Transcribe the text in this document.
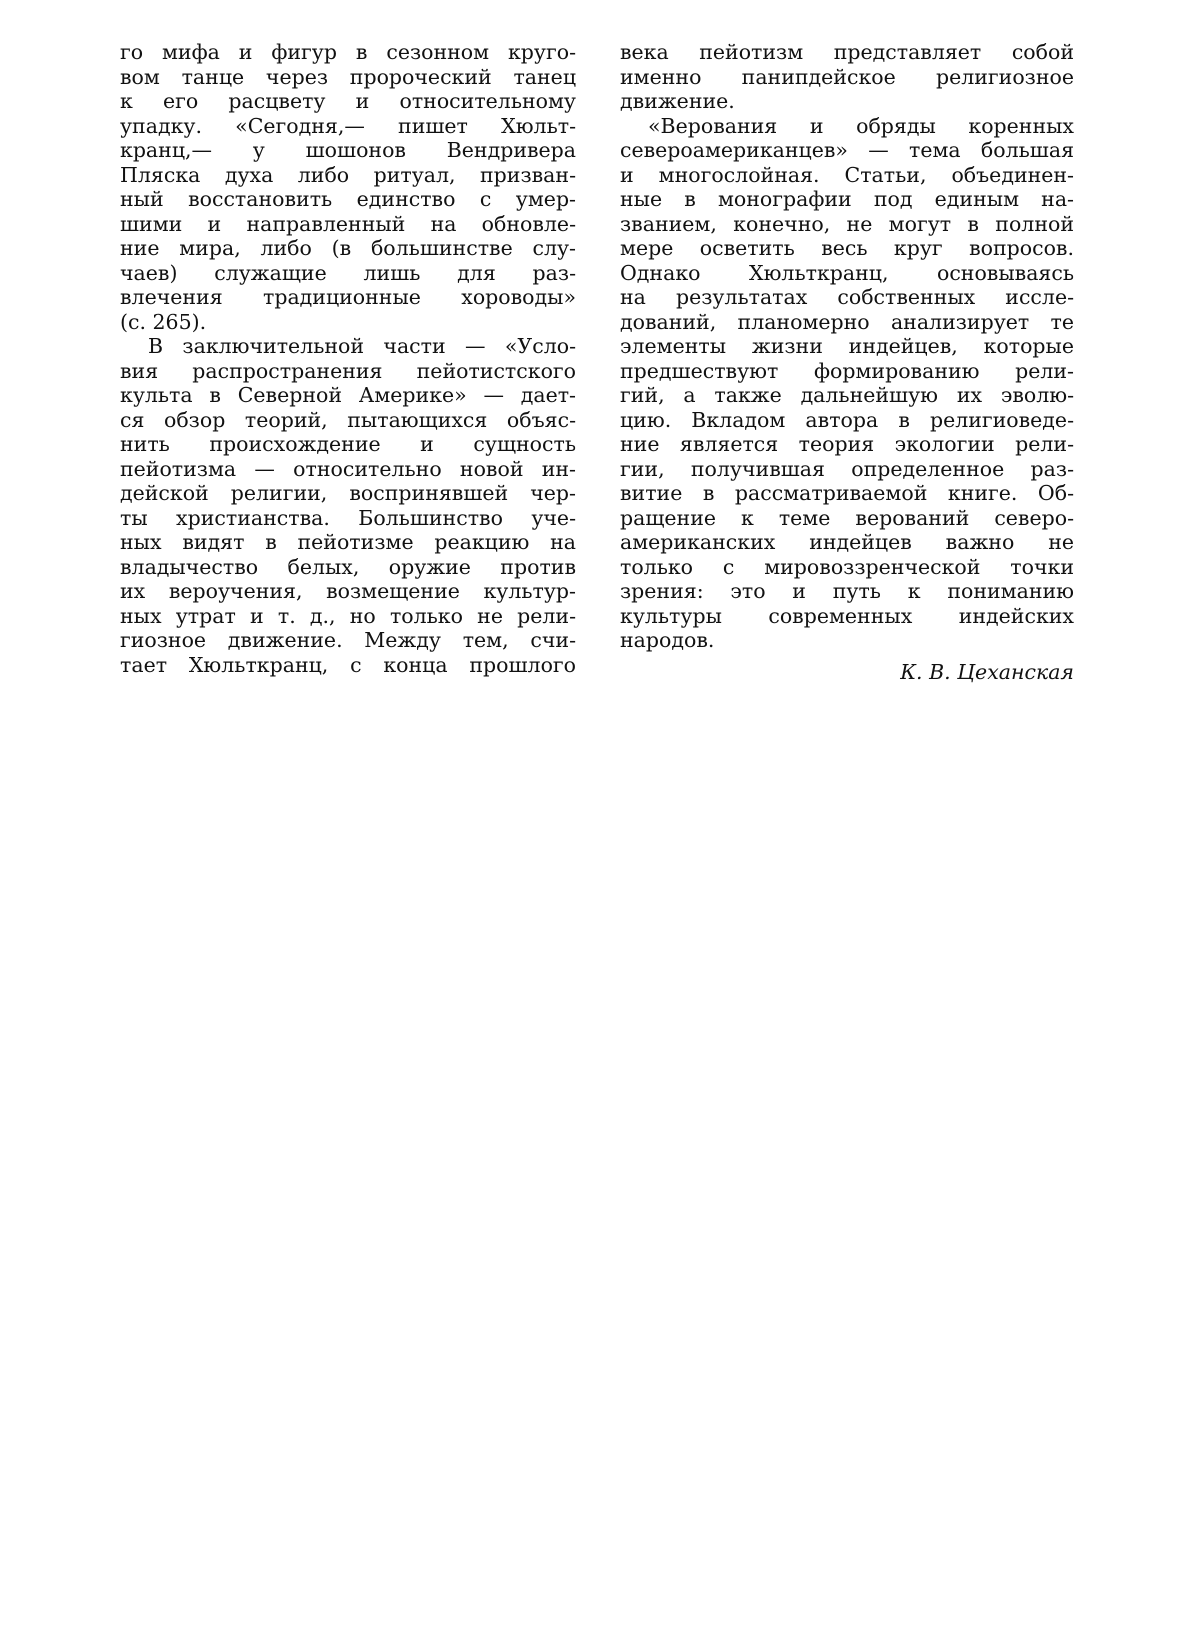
го мифа и фигур в сезонном круго-
вом танце через пророческий танец
к его расцвету и относительному
упадку. «Сегодня,— пишет Хюльт-
кранц,— у шошонов Вендривера
Пляска духа либо ритуал, призван-
ный восстановить единство с умер-
шими и направленный на обновле-
ние мира, либо (в большинстве слу-
чаев) служащие лишь для раз-
влечения традиционные хороводы»
(с. 265).
В заключительной части — «Усло-
вия распространения пейотистского
культа в Северной Америке» — дает-
ся обзор теорий, пытающихся объяс-
нить происхождение и сущность
пейотизма — относительно новой ин-
дейской религии, воспринявшей чер-
ты христианства. Большинство уче-
ных видят в пейотизме реакцию на
владычество белых, оружие против
их вероучения, возмещение культур-
ных утрат и т. д., но только не рели-
гиозное движение. Между тем, счи-
тает Хюльткранц, с конца прошлого
века пейотизм представляет собой
именно панипдейское религиозное
движение.
«Верования и обряды коренных
североамериканцев» — тема большая
и многослойная. Статьи, объединен-
ные в монографии под единым на-
званием, конечно, не могут в полной
мере осветить весь круг вопросов.
Однако Хюльткранц, основываясь
на результатах собственных иссле-
дований, планомерно анализирует те
элементы жизни индейцев, которые
предшествуют формированию рели-
гий, а также дальнейшую их эволю-
цию. Вкладом автора в религиоведе-
ние является теория экологии рели-
гии, получившая определенное раз-
витие в рассматриваемой книге. Об-
ращение к теме верований северо-
американских индейцев важно не
только с мировоззренческой точки
зрения: это и путь к пониманию
культуры современных индейских
народов.
К. В. Цеханская
